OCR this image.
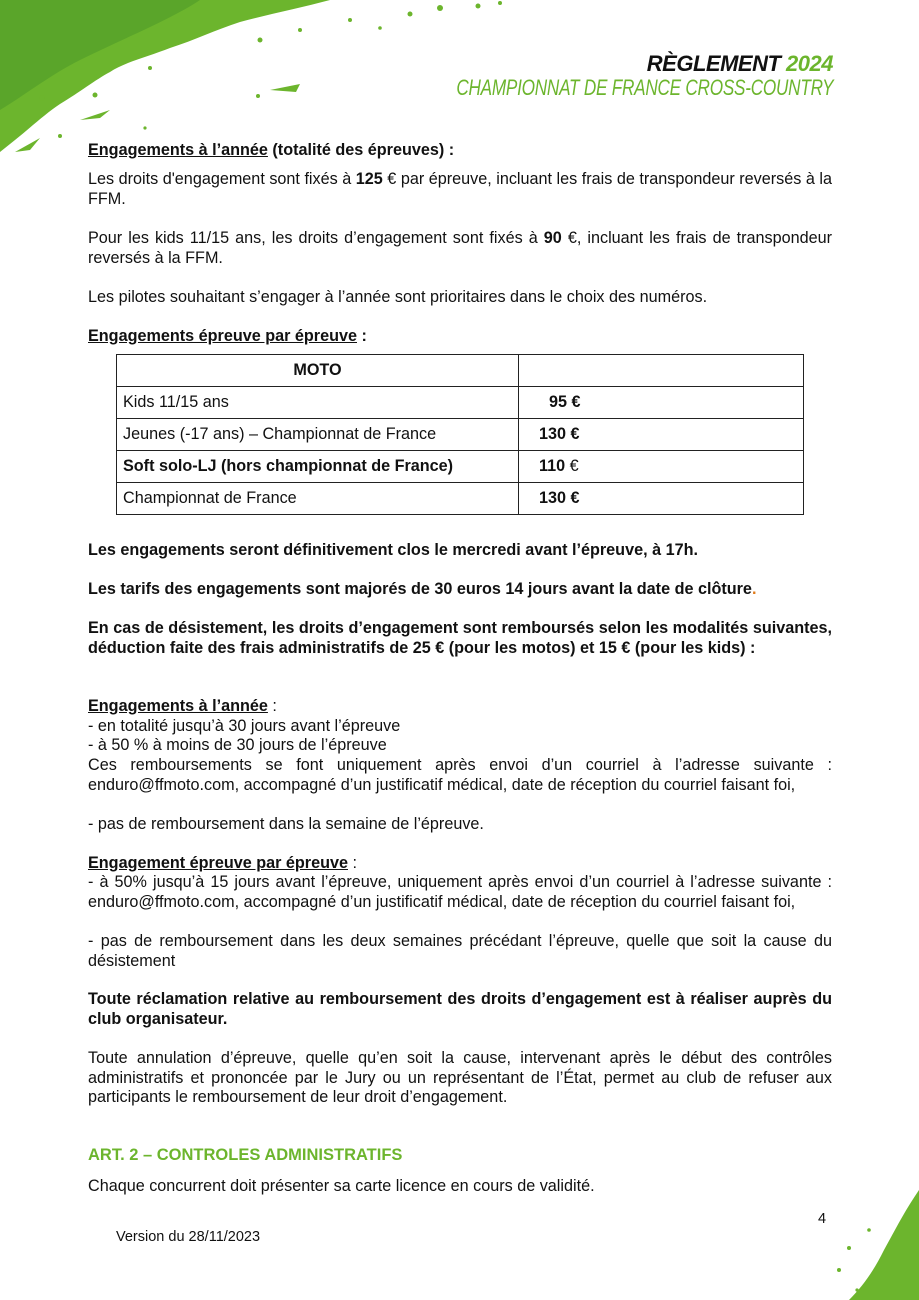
RÈGLEMENT 2024
CHAMPIONNAT DE FRANCE CROSS-COUNTRY

Engagements à l’année (totalité des épreuves) :

Les droits d'engagement sont fixés à 125 € par épreuve, incluant les frais de transpondeur reversés à la FFM.

Pour les kids 11/15 ans, les droits d’engagement sont fixés à 90 €, incluant les frais de transpondeur reversés à la FFM.

Les pilotes souhaitant s’engager à l’année sont prioritaires dans le choix des numéros.

Engagements épreuve par épreuve :

MOTO	
Kids 11/15 ans	95 €
Jeunes (-17 ans) – Championnat de France	130 €
Soft solo-LJ (hors championnat de France)	110 €
Championnat de France	130 €

Les engagements seront définitivement clos le mercredi avant l’épreuve, à 17h.

Les tarifs des engagements sont majorés de 30 euros 14 jours avant la date de clôture.

En cas de désistement, les droits d’engagement sont remboursés selon les modalités suivantes, déduction faite des frais administratifs de 25 € (pour les motos) et 15 € (pour les kids) :

Engagements à l’année :

- en totalité jusqu’à 30 jours avant l’épreuve

- à 50 % à moins de 30 jours de l’épreuve

Ces remboursements se font uniquement après envoi d’un courriel à l’adresse suivante : enduro@ffmoto.com, accompagné d’un justificatif médical, date de réception du courriel faisant foi,

- pas de remboursement dans la semaine de l’épreuve.

Engagement épreuve par épreuve :

- à 50% jusqu’à 15 jours avant l’épreuve, uniquement après envoi d’un courriel à l’adresse suivante : enduro@ffmoto.com, accompagné d’un justificatif médical, date de réception du courriel faisant foi,

- pas de remboursement dans les deux semaines précédant l’épreuve, quelle que soit la cause du désistement

Toute réclamation relative au remboursement des droits d’engagement est à réaliser auprès du club organisateur.

Toute annulation d’épreuve, quelle qu’en soit la cause, intervenant après le début des contrôles administratifs et prononcée par le Jury ou un représentant de l’État, permet au club de refuser aux participants le remboursement de leur droit d’engagement.

ART. 2 – CONTROLES ADMINISTRATIFS
Chaque concurrent doit présenter sa carte licence en cours de validité.
Version du 28/11/2023
4
